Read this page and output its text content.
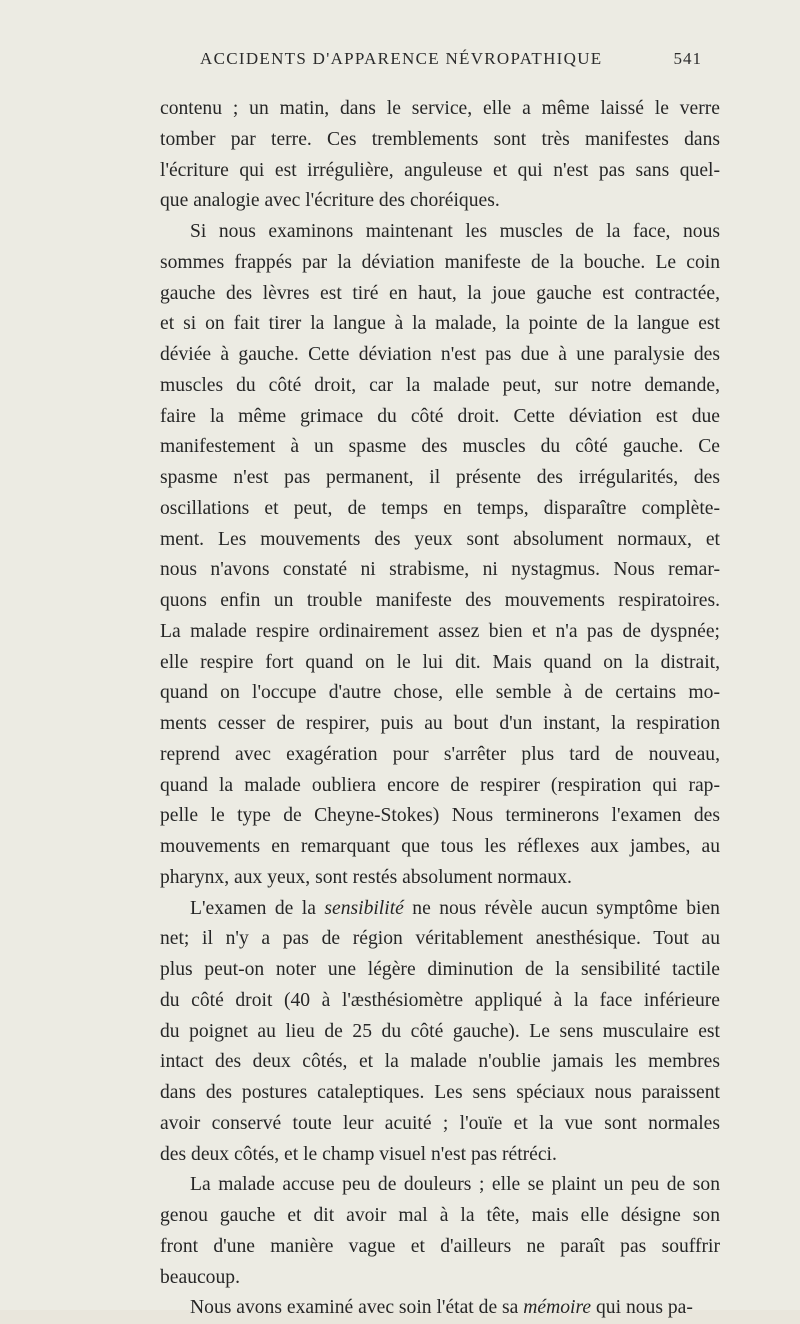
ACCIDENTS D'APPARENCE NÉVROPATHIQUE	541

contenu ; un matin, dans le service, elle a même laissé le verre

tomber par terre. Ces tremblements sont très manifestes dans

l'écriture qui est irrégulière, anguleuse et qui n'est pas sans quel-

que analogie avec l'écriture des choréiques.

Si nous examinons maintenant les muscles de la face, nous

sommes frappés par la déviation manifeste de la bouche. Le coin

gauche des lèvres est tiré en haut, la joue gauche est contractée,

et si on fait tirer la langue à la malade, la pointe de la langue est

déviée à gauche. Cette déviation n'est pas due à une paralysie des

muscles du côté droit, car la malade peut, sur notre demande,

faire la même grimace du côté droit. Cette déviation est due

manifestement à un spasme des muscles du côté gauche. Ce

spasme n'est pas permanent, il présente des irrégularités, des

oscillations et peut, de temps en temps, disparaître complète-

ment. Les mouvements des yeux sont absolument normaux, et

nous n'avons constaté ni strabisme, ni nystagmus. Nous remar-

quons enfin un trouble manifeste des mouvements respiratoires.

La malade respire ordinairement assez bien et n'a pas de dyspnée;

elle respire fort quand on le lui dit. Mais quand on la distrait,

quand on l'occupe d'autre chose, elle semble à de certains mo-

ments cesser de respirer, puis au bout d'un instant, la respiration

reprend avec exagération pour s'arrêter plus tard de nouveau,

quand la malade oubliera encore de respirer (respiration qui rap-

pelle le type de Cheyne-Stokes) Nous terminerons l'examen des

mouvements en remarquant que tous les réflexes aux jambes, au

pharynx, aux yeux, sont restés absolument normaux.

L'examen de la sensibilité ne nous révèle aucun symptôme bien

net; il n'y a pas de région véritablement anesthésique. Tout au

plus peut-on noter une légère diminution de la sensibilité tactile

du côté droit (40 à l'æsthésiomètre appliqué à la face inférieure

du poignet au lieu de 25 du côté gauche). Le sens musculaire est

intact des deux côtés, et la malade n'oublie jamais les membres

dans des postures cataleptiques. Les sens spéciaux nous paraissent

avoir conservé toute leur acuité ; l'ouïe et la vue sont normales

des deux côtés, et le champ visuel n'est pas rétréci.

La malade accuse peu de douleurs ; elle se plaint un peu de son

genou gauche et dit avoir mal à la tête, mais elle désigne son

front d'une manière vague et d'ailleurs ne paraît pas souffrir

beaucoup.

Nous avons examiné avec soin l'état de sa mémoire qui nous pa-
